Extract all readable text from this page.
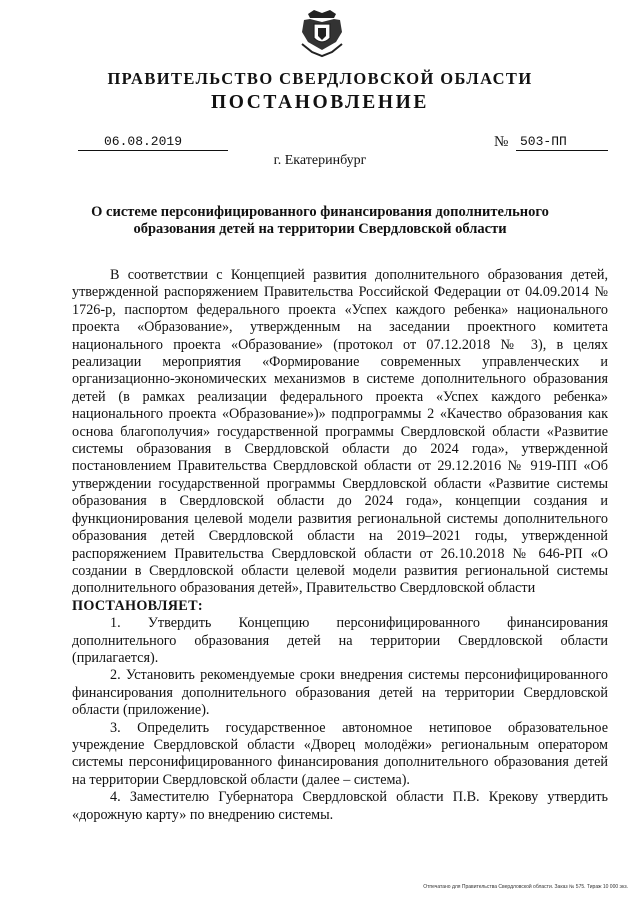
ПРАВИТЕЛЬСТВО СВЕРДЛОВСКОЙ ОБЛАСТИ
ПОСТАНОВЛЕНИЕ
06.08.2019	№ 503-ПП
г. Екатеринбург
О системе персонифицированного финансирования дополнительного образования детей на территории Свердловской области

В соответствии с Концепцией развития дополнительного образования детей, утвержденной распоряжением Правительства Российской Федерации от 04.09.2014 № 1726-р, паспортом федерального проекта «Успех каждого ребенка» национального проекта «Образование», утвержденным на заседании проектного комитета национального проекта «Образование» (протокол от 07.12.2018 № 3), в целях реализации мероприятия «Формирование современных управленческих и организационно-экономических механизмов в системе дополнительного образования детей (в рамках реализации федерального проекта «Успех каждого ребенка» национального проекта «Образование»)» подпрограммы 2 «Качество образования как основа благополучия» государственной программы Свердловской области «Развитие системы образования в Свердловской области до 2024 года», утвержденной постановлением Правительства Свердловской области от 29.12.2016 № 919-ПП «Об утверждении государственной программы Свердловской области «Развитие системы образования в Свердловской области до 2024 года», концепции создания и функционирования целевой модели развития региональной системы дополнительного образования детей Свердловской области на 2019–2021 годы, утвержденной распоряжением Правительства Свердловской области от 26.10.2018 № 646-РП «О создании в Свердловской области целевой модели развития региональной системы дополнительного образования детей», Правительство Свердловской области

ПОСТАНОВЛЯЕТ:

1. Утвердить Концепцию персонифицированного финансирования дополнительного образования детей на территории Свердловской области (прилагается).

2. Установить рекомендуемые сроки внедрения системы персонифицированного финансирования дополнительного образования детей на территории Свердловской области (приложение).

3. Определить государственное автономное нетиповое образовательное учреждение Свердловской области «Дворец молодёжи» региональным оператором системы персонифицированного финансирования дополнительного образования детей на территории Свердловской области (далее – система).

4. Заместителю Губернатора Свердловской области П.В. Крекову утвердить «дорожную карту» по внедрению системы.

Отпечатано для Правительства Свердловской области. Заказ № 575. Тираж 10 000 экз.
